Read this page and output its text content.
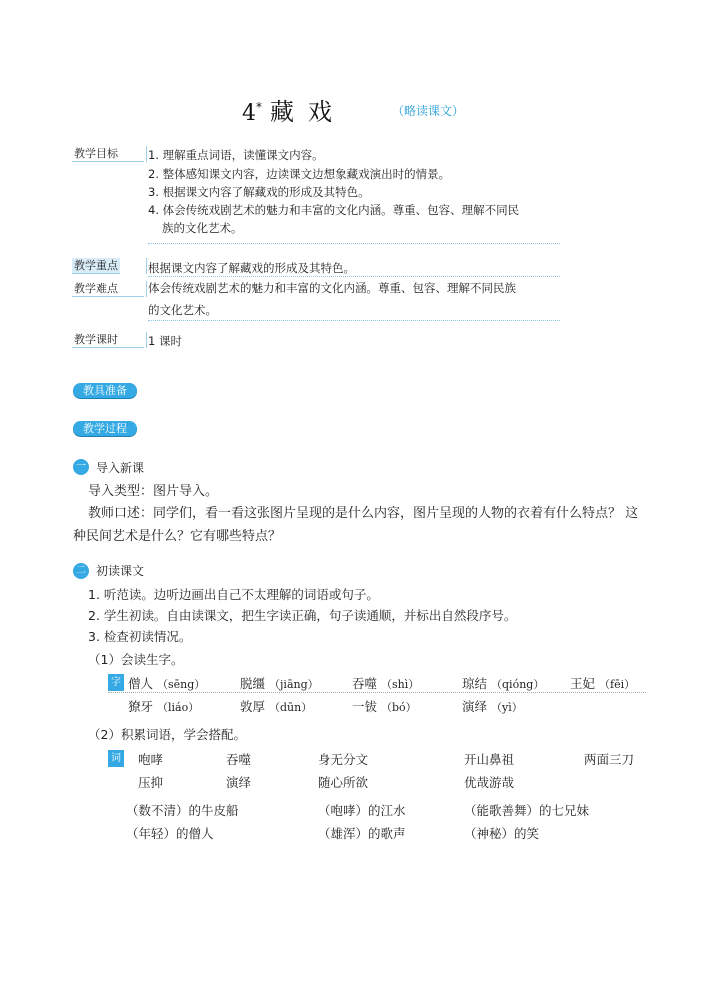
4* 藏戏	（略读课文）
教学目标	1. 理解重点词语，读懂课文内容。
2. 整体感知课文内容，边读课文边想象藏戏演出时的情景。
3. 根据课文内容了解藏戏的形成及其特色。
4. 体会传统戏剧艺术的魅力和丰富的文化内涵。尊重、包容、理解不同民
族的文化艺术。
教学重点	根据课文内容了解藏戏的形成及其特色。
教学难点	体会传统戏剧艺术的魅力和丰富的文化内涵。尊重、包容、理解不同民族
的文化艺术。
教学课时	1 课时
教具准备
教学过程
一 导入新课
导入类型：图片导入。
教师口述：同学们，看一看这张图片呈现的是什么内容，图片呈现的人物的衣着有什么特点？ 这
种民间艺术是什么？它有哪些特点？
二 初读课文
1. 听范读。边听边画出自己不太理解的词语或句子。
2. 学生初读。自由读课文，把生字读正确，句子读通顺，并标出自然段序号。
3. 检查初读情况。
（1）会读生字。
字 僧人 （sēng）	脱缰 （jiāng）	吞噬 （shì）	琼结 （qióng） 王妃 （fēi）
獠牙 （liáo）	敦厚 （dūn）	一钹 （bó）	演绎 （yì）
（2）积累词语，学会搭配。
词 咆哮	吞噬	身无分文	开山鼻祖	两面三刀
压抑	演绎	随心所欲	优哉游哉
（数不清）的牛皮船	（咆哮）的江水	（能歌善舞）的七兄妹
（年轻）的僧人	（雄浑）的歌声	（神秘）的笑
